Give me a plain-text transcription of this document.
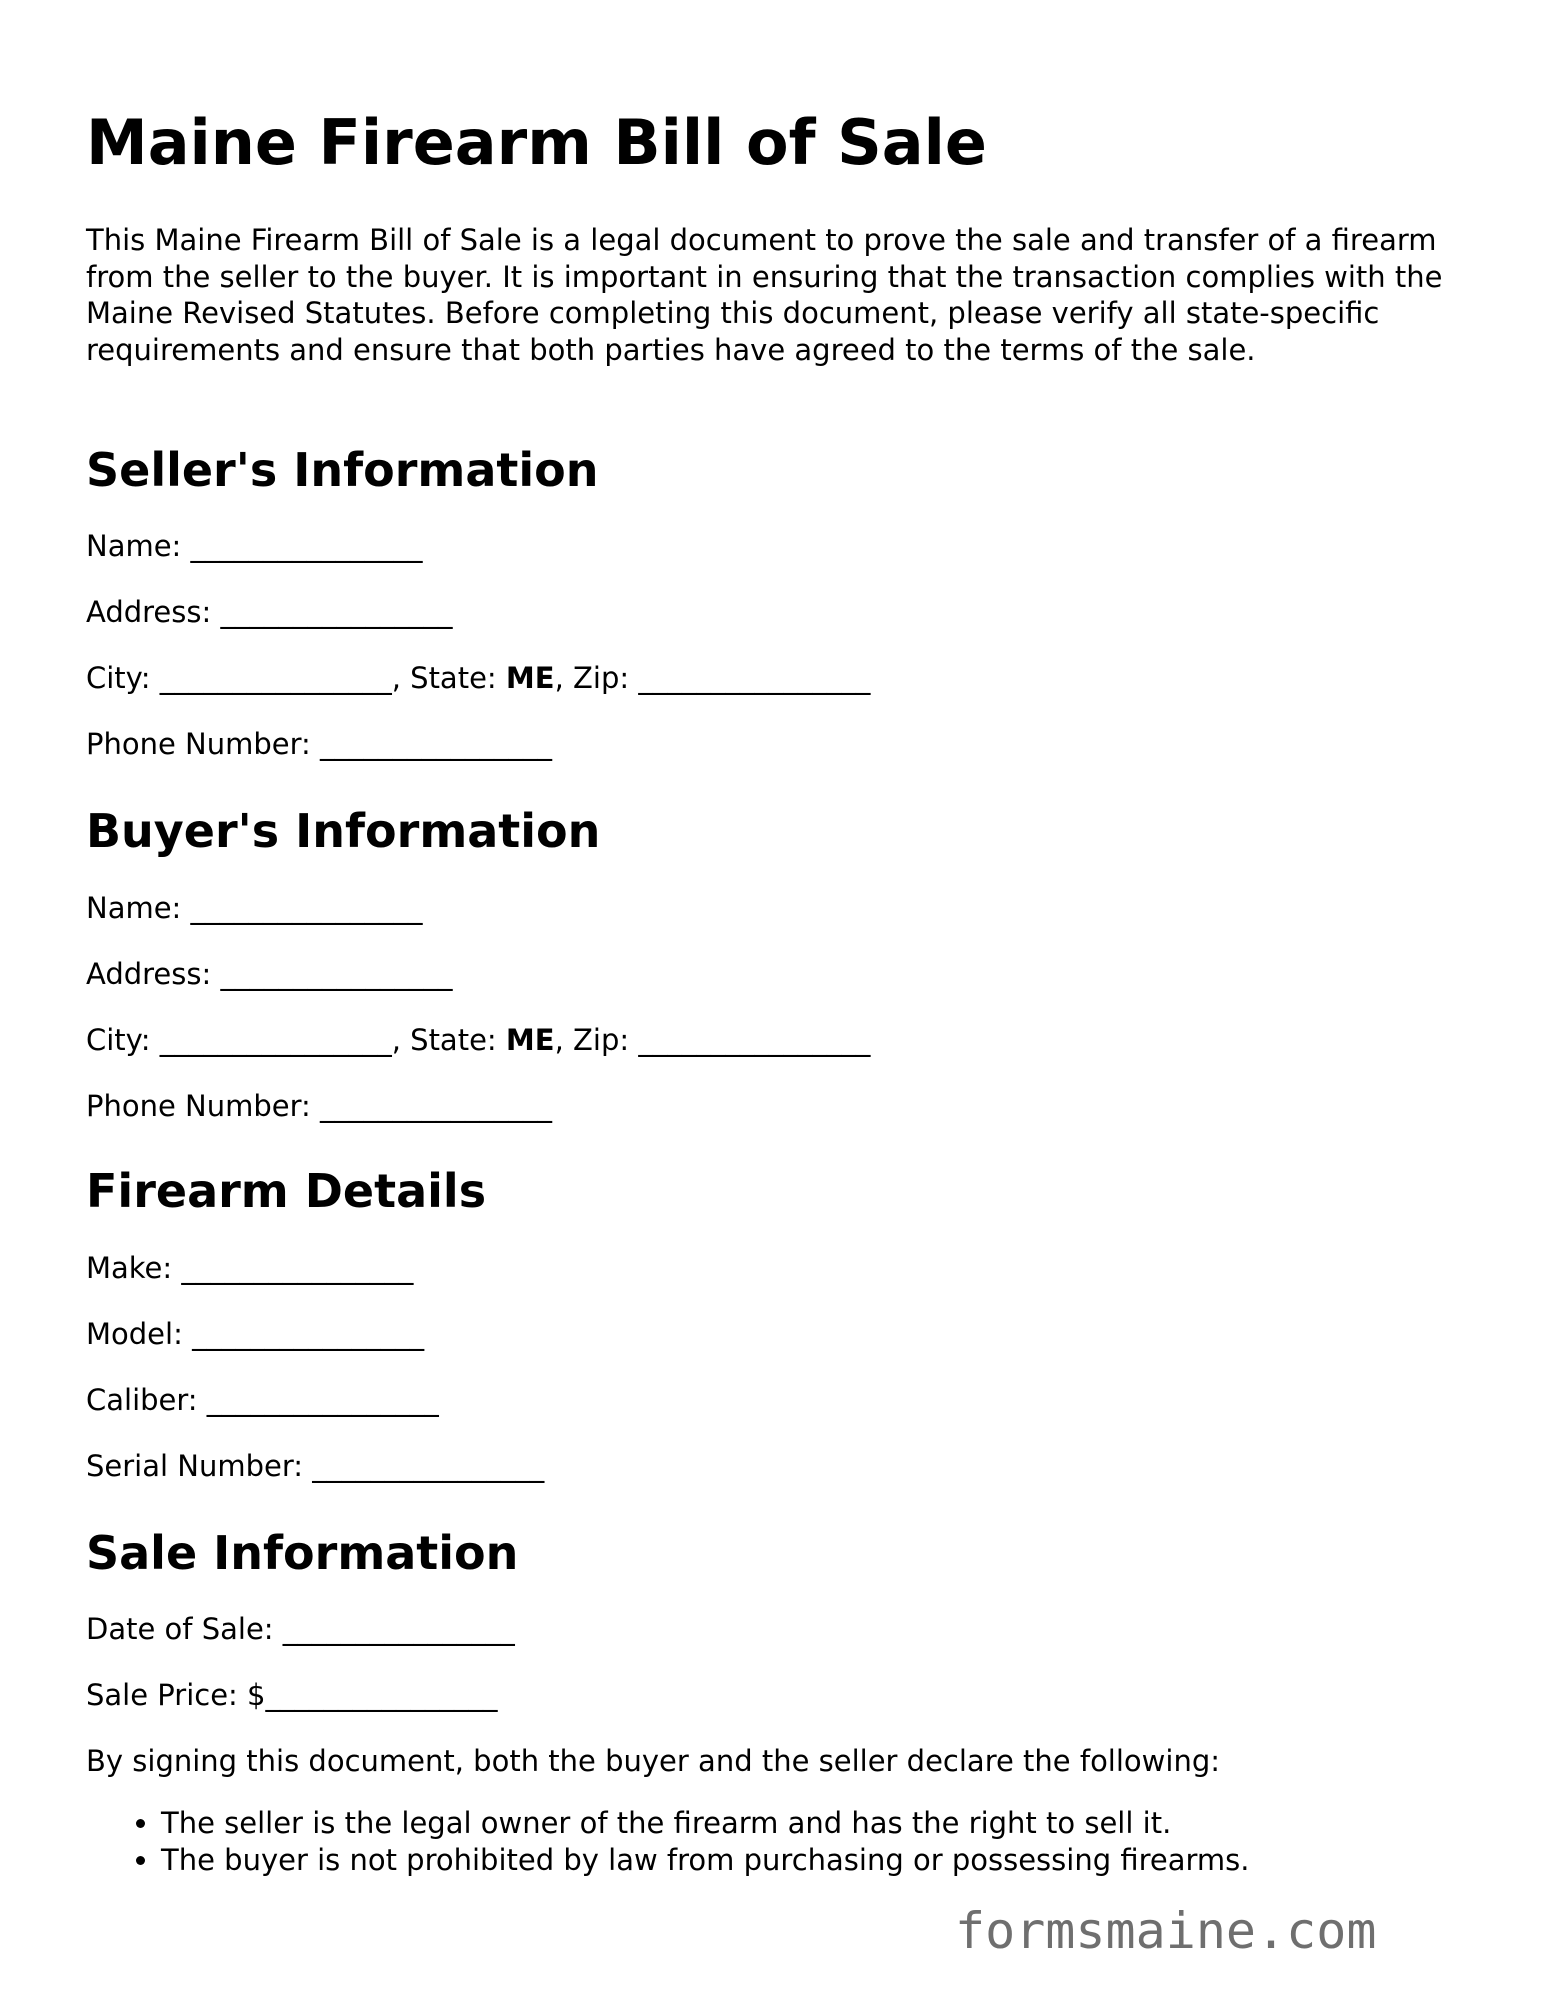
Maine Firearm Bill of Sale

This Maine Firearm Bill of Sale is a legal document to prove the sale and transfer of a firearm from the seller to the buyer. It is important in ensuring that the transaction complies with the Maine Revised Statutes. Before completing this document, please verify all state-specific requirements and ensure that both parties have agreed to the terms of the sale.

Seller's Information

Name: ________________

Address: ________________

City: ________________, State: ME, Zip: ________________

Phone Number: ________________

Buyer's Information

Name: ________________

Address: ________________

City: ________________, State: ME, Zip: ________________

Phone Number: ________________

Firearm Details

Make: ________________

Model: ________________

Caliber: ________________

Serial Number: ________________

Sale Information

Date of Sale: ________________

Sale Price: $________________

By signing this document, both the buyer and the seller declare the following:

• The seller is the legal owner of the firearm and has the right to sell it.
• The buyer is not prohibited by law from purchasing or possessing firearms.
formsmaine.com
